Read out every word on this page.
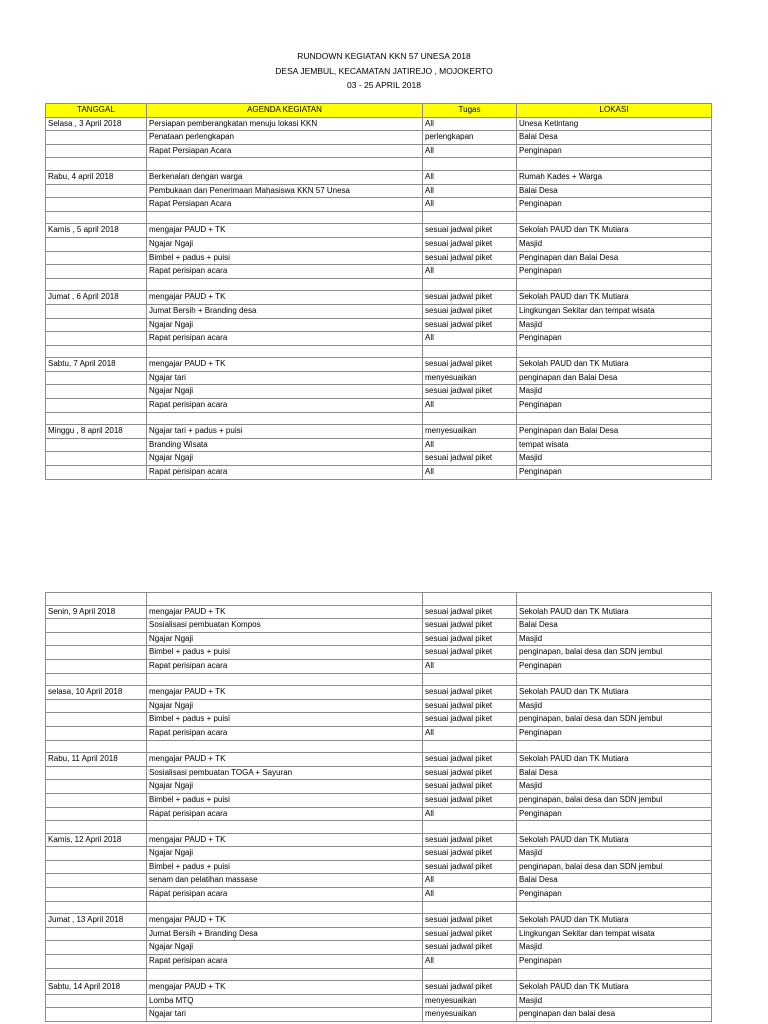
RUNDOWN KEGIATAN KKN 57 UNESA 2018
DESA JEMBUL, KECAMATAN JATIREJO , MOJOKERTO
03 - 25 APRIL 2018
TANGGAL	AGENDA KEGIATAN	Tugas	LOKASI
Selasa , 3 April 2018	Persiapan pemberangkatan menuju lokasi KKN	All	Unesa Ketintang
	Penataan perlengkapan	perlengkapan	Balai Desa
	Rapat Persiapan Acara	All	Penginapan

Rabu, 4 april 2018	Berkenalan dengan warga	All	Rumah Kades + Warga
	Pembukaan dan Penerimaan Mahasiswa KKN 57 Unesa	All	Balai Desa
	Rapat Persiapan Acara	All	Penginapan

Kamis , 5 april 2018	mengajar PAUD + TK	sesuai jadwal piket	Sekolah PAUD dan TK Mutiara
	Ngajar Ngaji	sesuai jadwal piket	Masjid
	Bimbel + padus + puisi	sesuai jadwal piket	Penginapan dan Balai Desa
	Rapat perisipan acara	All	Penginapan

Jumat , 6 April 2018	mengajar PAUD + TK	sesuai jadwal piket	Sekolah PAUD dan TK Mutiara
	Jumat Bersih + Branding desa	sesuai jadwal piket	Lingkungan Sekitar dan tempat wisata
	Ngajar Ngaji	sesuai jadwal piket	Masjid
	Rapat perisipan acara	All	Penginapan

Sabtu, 7 April 2018	mengajar PAUD + TK	sesuai jadwal piket	Sekolah PAUD dan TK Mutiara
	Ngajar tari	menyesuaikan	penginapan dan Balai Desa
	Ngajar Ngaji	sesuai jadwal piket	Masjid
	Rapat perisipan acara	All	Penginapan

Minggu , 8 april 2018	Ngajar tari + padus + puisi	menyesuaikan	Penginapan dan Balai Desa
	Branding Wisata	All	tempat wisata
	Ngajar Ngaji	sesuai jadwal piket	Masjid
	Rapat perisipan acara	All	Penginapan

Senin, 9 April 2018	mengajar PAUD + TK	sesuai jadwal piket	Sekolah PAUD dan TK Mutiara
	Sosialisasi pembuatan Kompos	sesuai jadwal piket	Balai Desa
	Ngajar Ngaji	sesuai jadwal piket	Masjid
	Bimbel + padus + puisi	sesuai jadwal piket	penginapan, balai desa dan SDN jembul
	Rapat perisipan acara	All	Penginapan

selasa, 10 April 2018	mengajar PAUD + TK	sesuai jadwal piket	Sekolah PAUD dan TK Mutiara
	Ngajar Ngaji	sesuai jadwal piket	Masjid
	Bimbel + padus + puisi	sesuai jadwal piket	penginapan, balai desa dan SDN jembul
	Rapat perisipan acara	All	Penginapan

Rabu, 11 April 2018	mengajar PAUD + TK	sesuai jadwal piket	Sekolah PAUD dan TK Mutiara
	Sosialisasi pembuatan TOGA + Sayuran	sesuai jadwal piket	Balai Desa
	Ngajar Ngaji	sesuai jadwal piket	Masjid
	Bimbel + padus + puisi	sesuai jadwal piket	penginapan, balai desa dan SDN jembul
	Rapat perisipan acara	All	Penginapan

Kamis, 12 April 2018	mengajar PAUD + TK	sesuai jadwal piket	Sekolah PAUD dan TK Mutiara
	Ngajar Ngaji	sesuai jadwal piket	Masjid
	Bimbel + padus + puisi	sesuai jadwal piket	penginapan, balai desa dan SDN jembul
	senam dan pelatihan massase	All	Balai Desa
	Rapat perisipan acara	All	Penginapan

Jumat , 13 April 2018	mengajar PAUD + TK	sesuai jadwal piket	Sekolah PAUD dan TK Mutiara
	Jumat Bersih + Branding Desa	sesuai jadwal piket	Lingkungan Sekitar dan tempat wisata
	Ngajar Ngaji	sesuai jadwal piket	Masjid
	Rapat perisipan acara	All	Penginapan

Sabtu, 14 April 2018	mengajar PAUD + TK	sesuai jadwal piket	Sekolah PAUD dan TK Mutiara
	Lomba MTQ	menyesuaikan	Masjid
	Ngajar tari	menyesuaikan	penginapan dan balai desa
